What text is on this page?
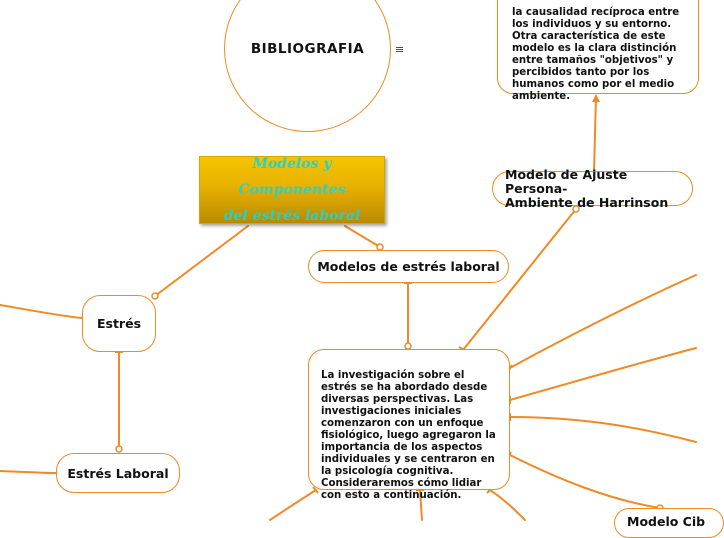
BIBLIOGRAFIA	≡

la causalidad recíproca entre
los individuos y su entorno.
Otra característica de este
modelo es la clara distinción
entre tamaños "objetivos" y
percibidos tanto por los
humanos como por el medio
ambiente.

Modelos y Componentes
del estrés laboral
Modelos de estrés laboral
Modelo de Ajuste Persona-
Ambiente de Harrinson
Estrés
Estrés Laboral

La investigación sobre el
estrés se ha abordado desde
diversas perspectivas. Las
investigaciones iniciales
comenzaron con un enfoque
fisiológico, luego agregaron la
importancia de los aspectos
individuales y se centraron en
la psicología cognitiva.
Consideraremos cómo lidiar
con esto a continuación.

Modelo Cib
